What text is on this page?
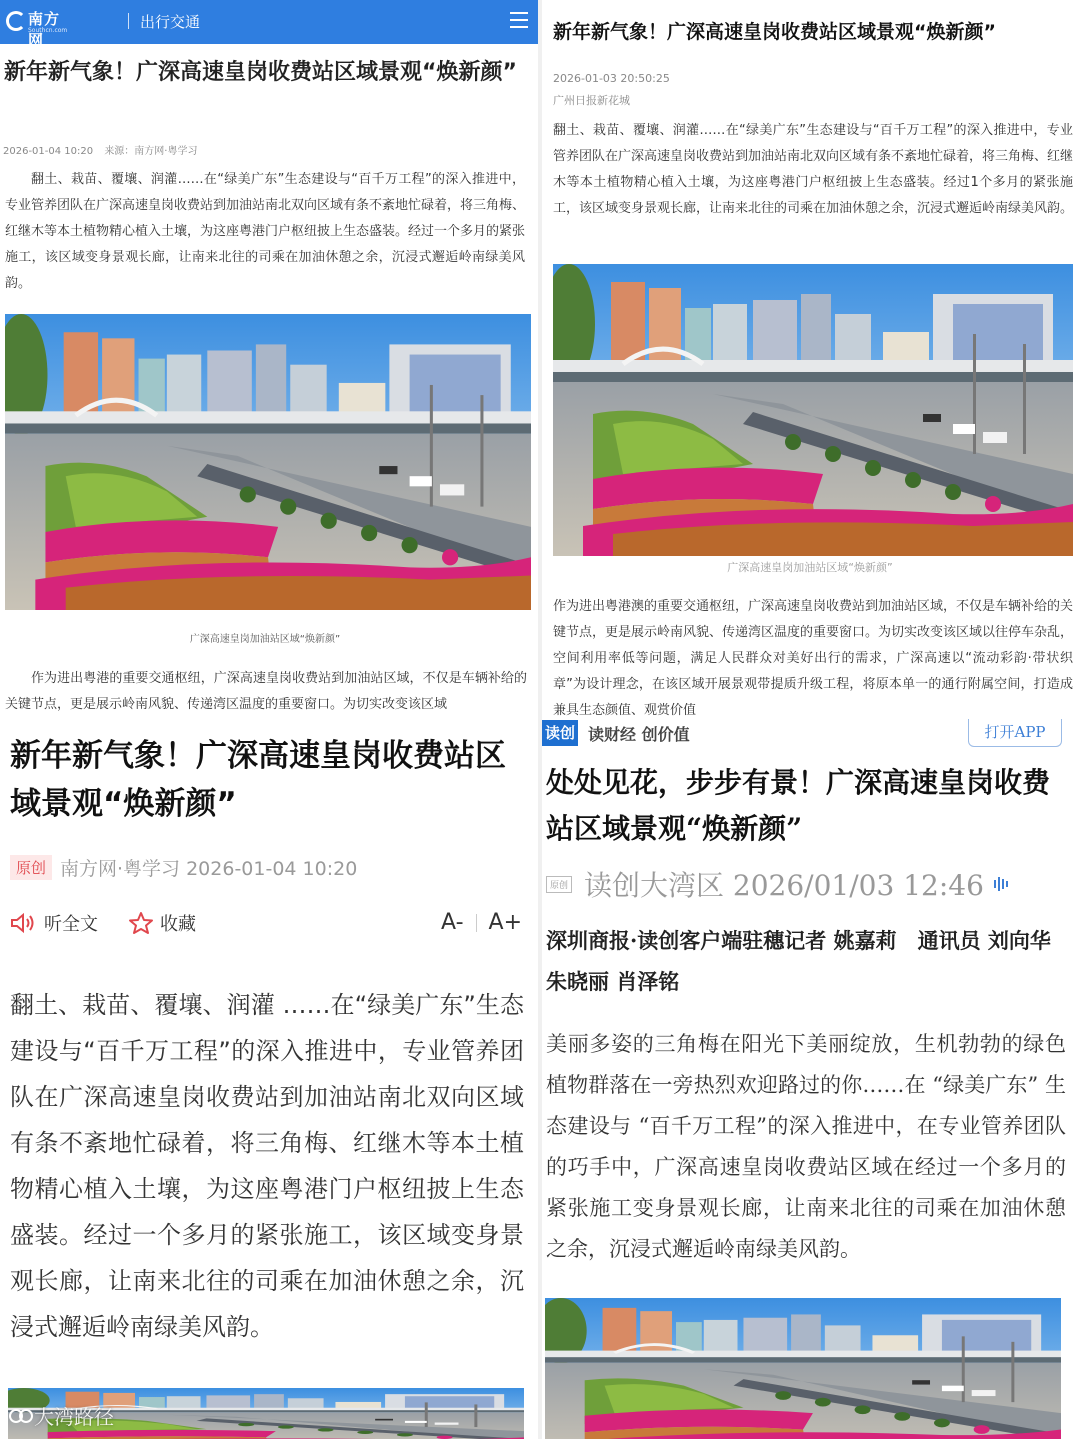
南方网
Southcn.com	出行交通
新年新气象！广深高速皇岗收费站区域景观“焕新颜”
2026-01-04 10:20 来源：南方网·粤学习

翻土、栽苗、覆壤、润灌……在“绿美广东”生态建设与“百千万工程”的深入推进中，专业管养团队在广深高速皇岗收费站到加油站南北双向区域有条不紊地忙碌着，将三角梅、红继木等本土植物精心植入土壤，为这座粤港门户枢纽披上生态盛装。经过一个多月的紧张施工，该区域变身景观长廊，让南来北往的司乘在加油休憩之余，沉浸式邂逅岭南绿美风韵。

广深高速皇岗加油站区域“焕新颜”

作为进出粤港的重要交通枢纽，广深高速皇岗收费站到加油站区域，不仅是车辆补给的关键节点，更是展示岭南风貌、传递湾区温度的重要窗口。为切实改变该区域

新年新气象！广深高速皇岗收费站区域景观“焕新颜”
2026-01-03 20:50:25
广州日报新花城

翻土、栽苗、覆壤、润灌……在“绿美广东”生态建设与“百千万工程”的深入推进中，专业管养团队在广深高速皇岗收费站到加油站南北双向区域有条不紊地忙碌着，将三角梅、红继木等本土植物精心植入土壤，为这座粤港门户枢纽披上生态盛装。经过1个多月的紧张施工，该区域变身景观长廊，让南来北往的司乘在加油休憩之余，沉浸式邂逅岭南绿美风韵。

广深高速皇岗加油站区域“焕新颜”

作为进出粤港澳的重要交通枢纽，广深高速皇岗收费站到加油站区域，不仅是车辆补给的关键节点，更是展示岭南风貌、传递湾区温度的重要窗口。为切实改变该区域以往停车杂乱，空间利用率低等问题，满足人民群众对美好出行的需求，广深高速以“流动彩韵·带状织章”为设计理念，在该区域开展景观带提质升级工程，将原本单一的通行附属空间，打造成兼具生态颜值、观赏价值

新年新气象！广深高速皇岗收费站区域景观“焕新颜”
原创 南方网·粤学习 2026-01-04 10:20
听全文	收藏	A- A+

翻土、栽苗、覆壤、润灌 ……在“绿美广东”生态建设与“百千万工程”的深入推进中，专业管养团队在广深高速皇岗收费站到加油站南北双向区域有条不紊地忙碌着，将三角梅、红继木等本土植物精心植入土壤，为这座粤港门户枢纽披上生态盛装。经过一个多月的紧张施工，该区域变身景观长廊，让南来北往的司乘在加油休憩之余，沉浸式邂逅岭南绿美风韵。

大湾路径
读创 读财经 创价值	打开APP
处处见花，步步有景！广深高速皇岗收费站区域景观“焕新颜”
原创 读创大湾区 2026/01/03 12:46

深圳商报·读创客户端驻穗记者 姚嘉莉　通讯员 刘向华 朱晓丽 肖泽铭

美丽多姿的三角梅在阳光下美丽绽放，生机勃勃的绿色植物群落在一旁热烈欢迎路过的你……在 “绿美广东” 生态建设与 “百千万工程”的深入推进中，在专业管养团队的巧手中，广深高速皇岗收费站区域在经过一个多月的紧张施工变身景观长廊，让南来北往的司乘在加油休憩之余，沉浸式邂逅岭南绿美风韵。
